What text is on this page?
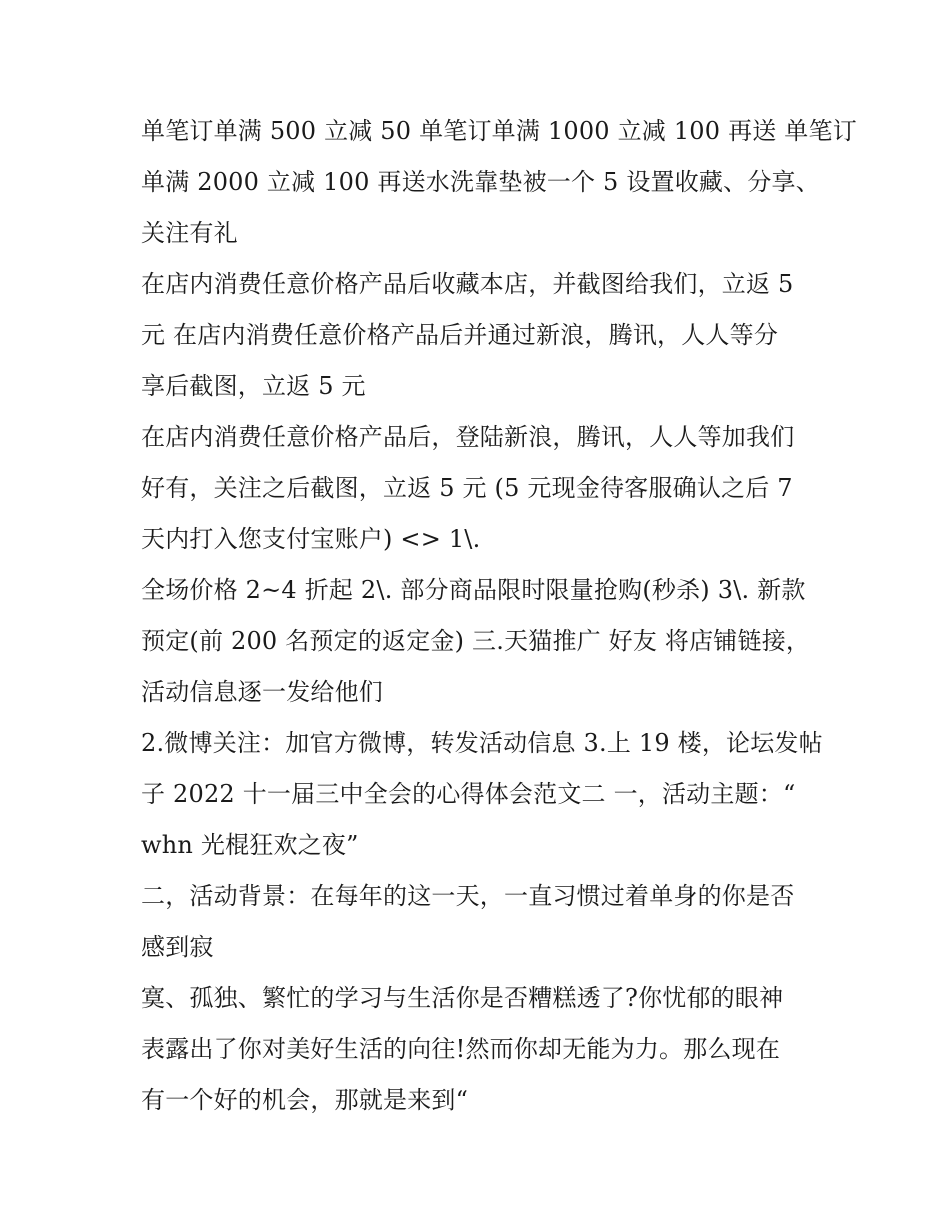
单笔订单满 500 立减 50 单笔订单满 1000 立减 100 再送 单笔订
单满 2000 立减 100 再送水洗靠垫被一个 5 设置收藏、分享、
关注有礼
在店内消费任意价格产品后收藏本店，并截图给我们，立返 5
元 在店内消费任意价格产品后并通过新浪，腾讯，人人等分
享后截图，立返 5 元
在店内消费任意价格产品后，登陆新浪，腾讯，人人等加我们
好有，关注之后截图，立返 5 元 (5 元现金待客服确认之后 7
天内打入您支付宝账户) <> 1\.
全场价格 2~4 折起 2\. 部分商品限时限量抢购(秒杀) 3\. 新款
预定(前 200 名预定的返定金) 三.天猫推广 好友 将店铺链接，
活动信息逐一发给他们
2.微博关注：加官方微博，转发活动信息 3.上 19 楼，论坛发帖
子 2022 十一届三中全会的心得体会范文二 一，活动主题：“
whn 光棍狂欢之夜”
二，活动背景：在每年的这一天，一直习惯过着单身的你是否
感到寂
寞、孤独、繁忙的学习与生活你是否糟糕透了?你忧郁的眼神
表露出了你对美好生活的向往!然而你却无能为力。那么现在
有一个好的机会，那就是来到“
